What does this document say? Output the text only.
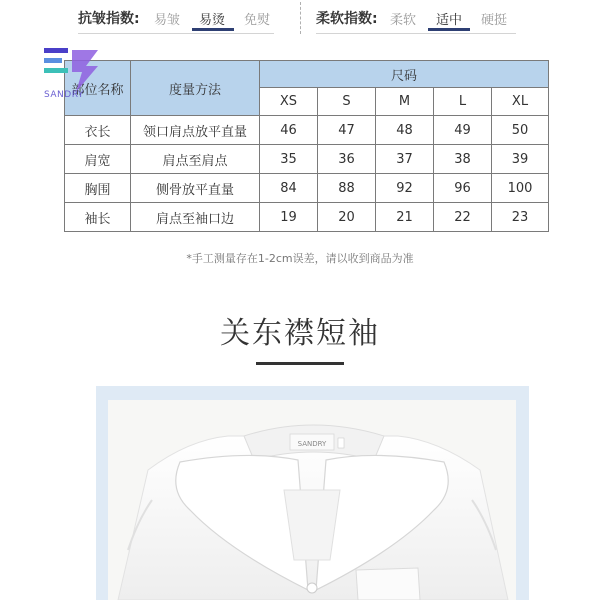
抗皱指数: 易皱 易烫 免熨	柔软指数: 柔软 适中 硬挺
部位名称	度量方法	尺码				
		XS	S	M	L	XL
衣长	领口肩点放平直量	46	47	48	49	50
肩宽	肩点至肩点	35	36	37	38	39
胸围	侧骨放平直量	84	88	92	96	100
袖长	肩点至袖口边	19	20	21	22	23
SANDRY
*手工测量存在1-2cm误差，请以收到商品为准
关东襟短袖
SANDRY
